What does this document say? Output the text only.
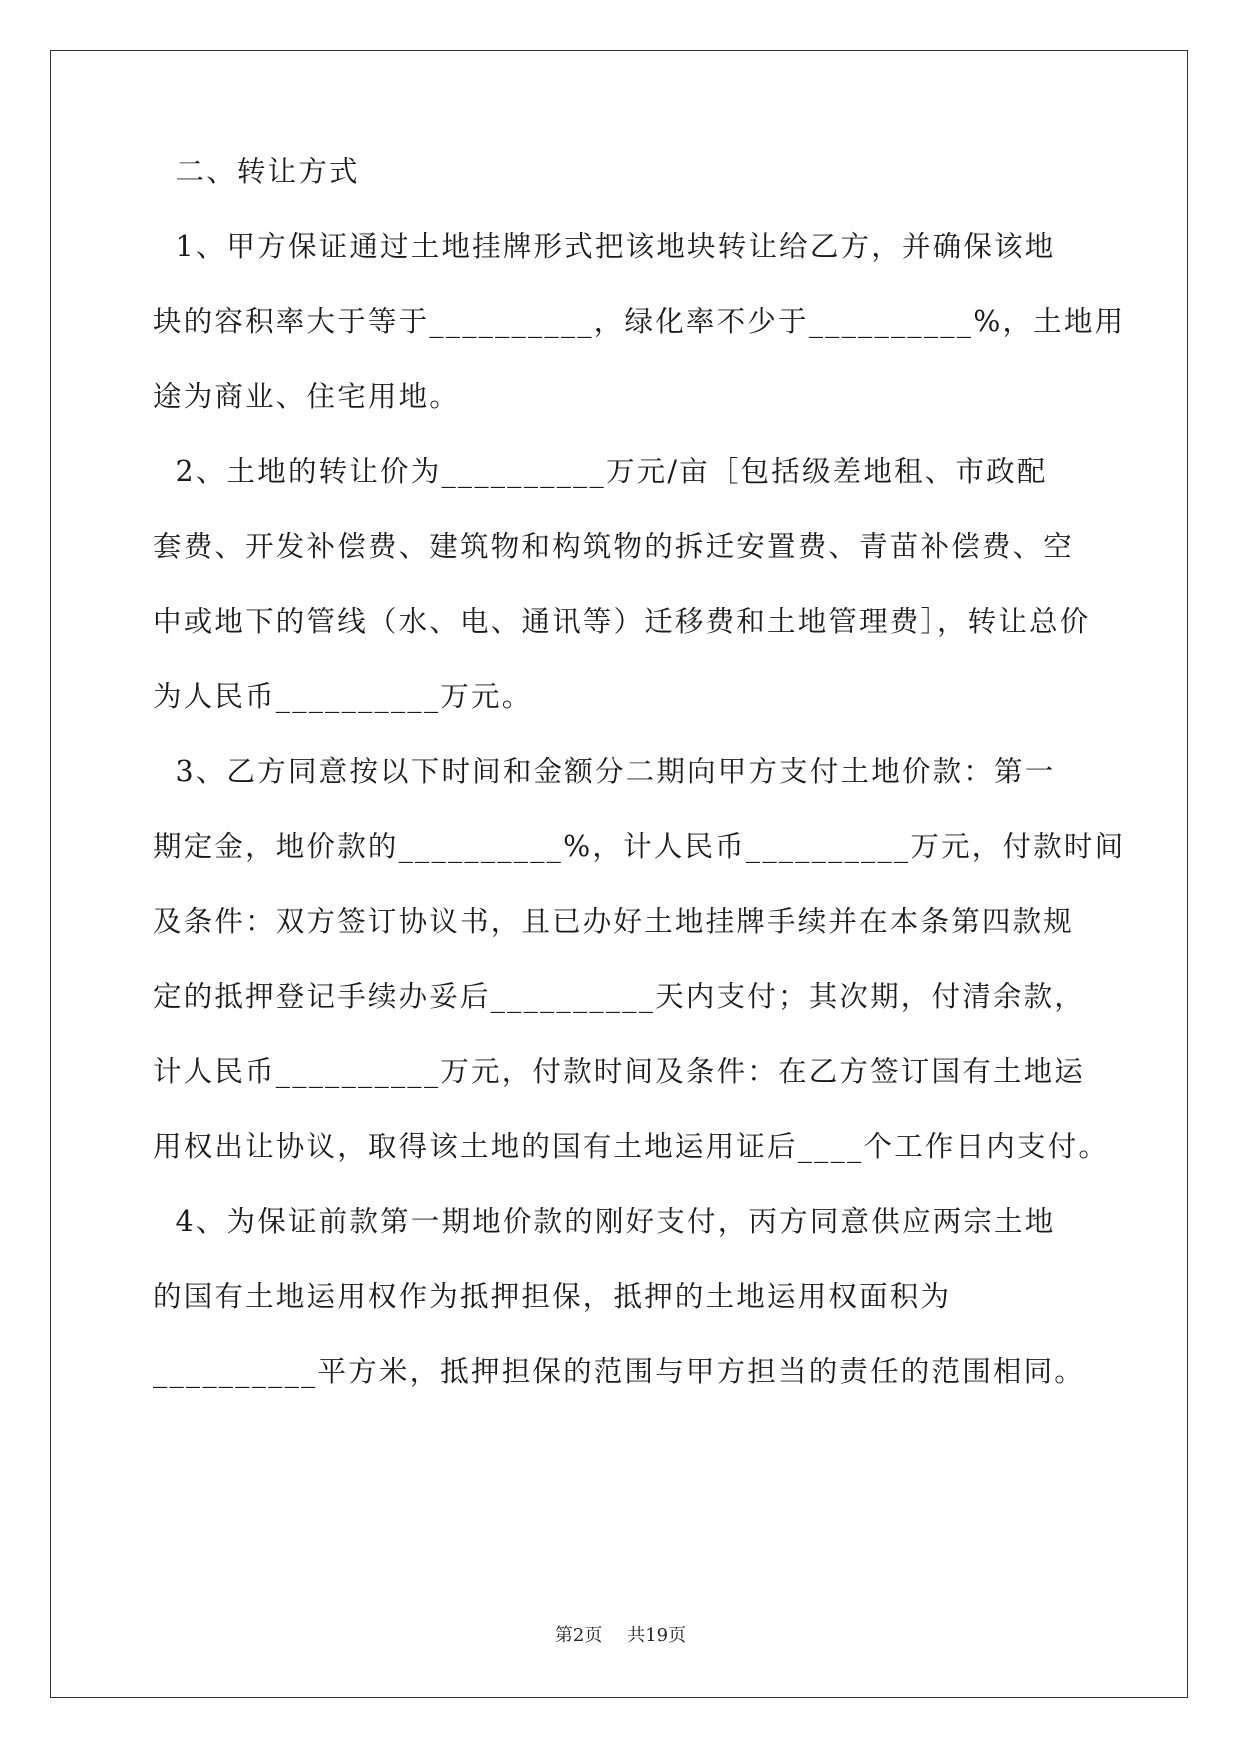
二、转让方式
1、甲方保证通过土地挂牌形式把该地块转让给乙方，并确保该地
块的容积率大于等于__________，绿化率不少于__________%，土地用
途为商业、住宅用地。
2、土地的转让价为__________万元/亩［包括级差地租、市政配
套费、开发补偿费、建筑物和构筑物的拆迁安置费、青苗补偿费、空
中或地下的管线（水、电、通讯等）迁移费和土地管理费］，转让总价
为人民币__________万元。
3、乙方同意按以下时间和金额分二期向甲方支付土地价款：第一
期定金，地价款的__________%，计人民币__________万元，付款时间
及条件：双方签订协议书，且已办好土地挂牌手续并在本条第四款规
定的抵押登记手续办妥后__________天内支付；其次期，付清余款，
计人民币__________万元，付款时间及条件：在乙方签订国有土地运
用权出让协议，取得该土地的国有土地运用证后____个工作日内支付。
4、为保证前款第一期地价款的刚好支付，丙方同意供应两宗土地
的国有土地运用权作为抵押担保，抵押的土地运用权面积为
__________平方米，抵押担保的范围与甲方担当的责任的范围相同。
第2页 共19页
